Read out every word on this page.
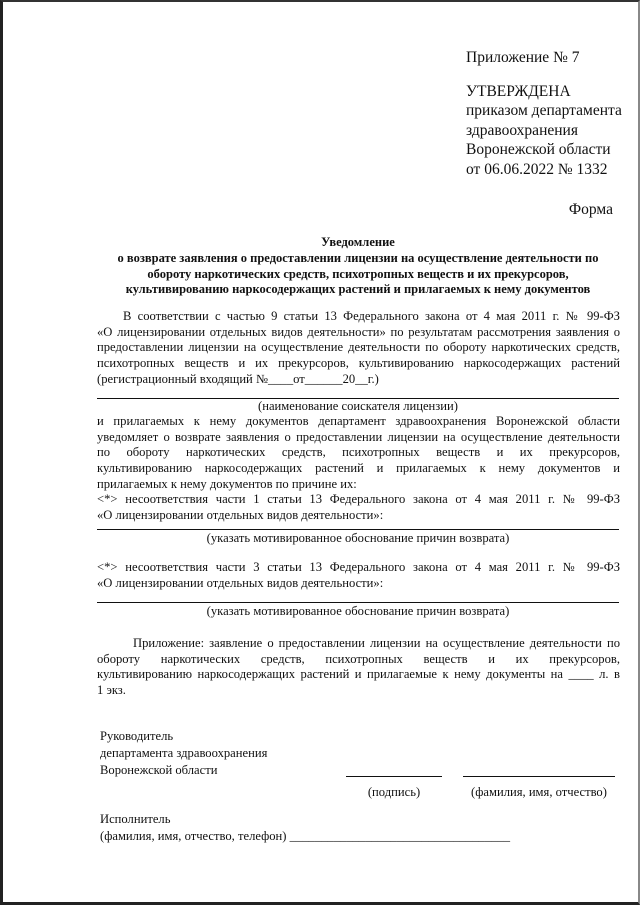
Приложение № 7
УТВЕРЖДЕНА
приказом департамента
здравоохранения
Воронежской области
от 06.06.2022 № 1332
Форма
Уведомление
о возврате заявления о предоставлении лицензии на осуществление деятельности по
обороту наркотических средств, психотропных веществ и их прекурсоров,
культивированию наркосодержащих растений и прилагаемых к нему документов

В соответствии с частью 9 статьи 13 Федерального закона от 4 мая 2011 г. № 99-ФЗ

«О лицензировании отдельных видов деятельности» по результатам рассмотрения заявления о

предоставлении лицензии на осуществление деятельности по обороту наркотических средств,

психотропных веществ и их прекурсоров, культивированию наркосодержащих растений

(регистрационный входящий №____от______20__г.)

(наименование соискателя лицензии)

и прилагаемых к нему документов департамент здравоохранения Воронежской области

уведомляет о возврате заявления о предоставлении лицензии на осуществление деятельности

по обороту наркотических средств, психотропных веществ и их прекурсоров,

культивированию наркосодержащих растений и прилагаемых к нему документов и

прилагаемых к нему документов по причине их:

<*> несоответствия части 1 статьи 13 Федерального закона от 4 мая 2011 г. № 99-ФЗ

«О лицензировании отдельных видов деятельности»:

(указать мотивированное обоснование причин возврата)

<*> несоответствия части 3 статьи 13 Федерального закона от 4 мая 2011 г. № 99-ФЗ

«О лицензировании отдельных видов деятельности»:

(указать мотивированное обоснование причин возврата)

Приложение: заявление о предоставлении лицензии на осуществление деятельности по

обороту наркотических средств, психотропных веществ и их прекурсоров,

культивированию наркосодержащих растений и прилагаемые к нему документы на ____ л. в

1 экз.

Руководитель
департамента здравоохранения
Воронежской области
(подпись)	(фамилия, имя, отчество)
Исполнитель
(фамилия, имя, отчество, телефон) ___________________________________
